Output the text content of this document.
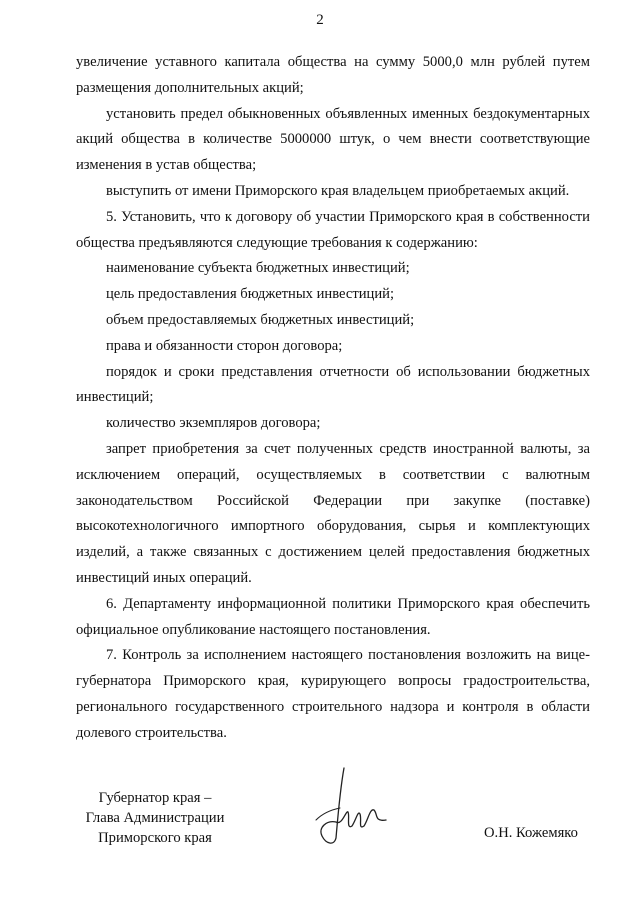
2

увеличение уставного капитала общества на сумму 5000,0 млн рублей путем размещения дополнительных акций;

установить предел обыкновенных объявленных именных бездокументарных акций общества в количестве 5000000 штук, о чем внести соответствующие изменения в устав общества;

выступить от имени Приморского края владельцем приобретаемых акций.

5. Установить, что к договору об участии Приморского края в собственности общества предъявляются следующие требования к содержанию:

наименование субъекта бюджетных инвестиций;

цель предоставления бюджетных инвестиций;

объем предоставляемых бюджетных инвестиций;

права и обязанности сторон договора;

порядок и сроки представления отчетности об использовании бюджетных инвестиций;

количество экземпляров договора;

запрет приобретения за счет полученных средств иностранной валюты, за исключением операций, осуществляемых в соответствии с валютным законодательством Российской Федерации при закупке (поставке) высокотехнологичного импортного оборудования, сырья и комплектующих изделий, а также связанных с достижением целей предоставления бюджетных инвестиций иных операций.

6. Департаменту информационной политики Приморского края обеспечить официальное опубликование настоящего постановления.

7. Контроль за исполнением настоящего постановления возложить на вице-губернатора Приморского края, курирующего вопросы градостроительства, регионального государственного строительного надзора и контроля в области долевого строительства.

Губернатор края –
Глава Администрации
Приморского края	О.Н. Кожемяко
